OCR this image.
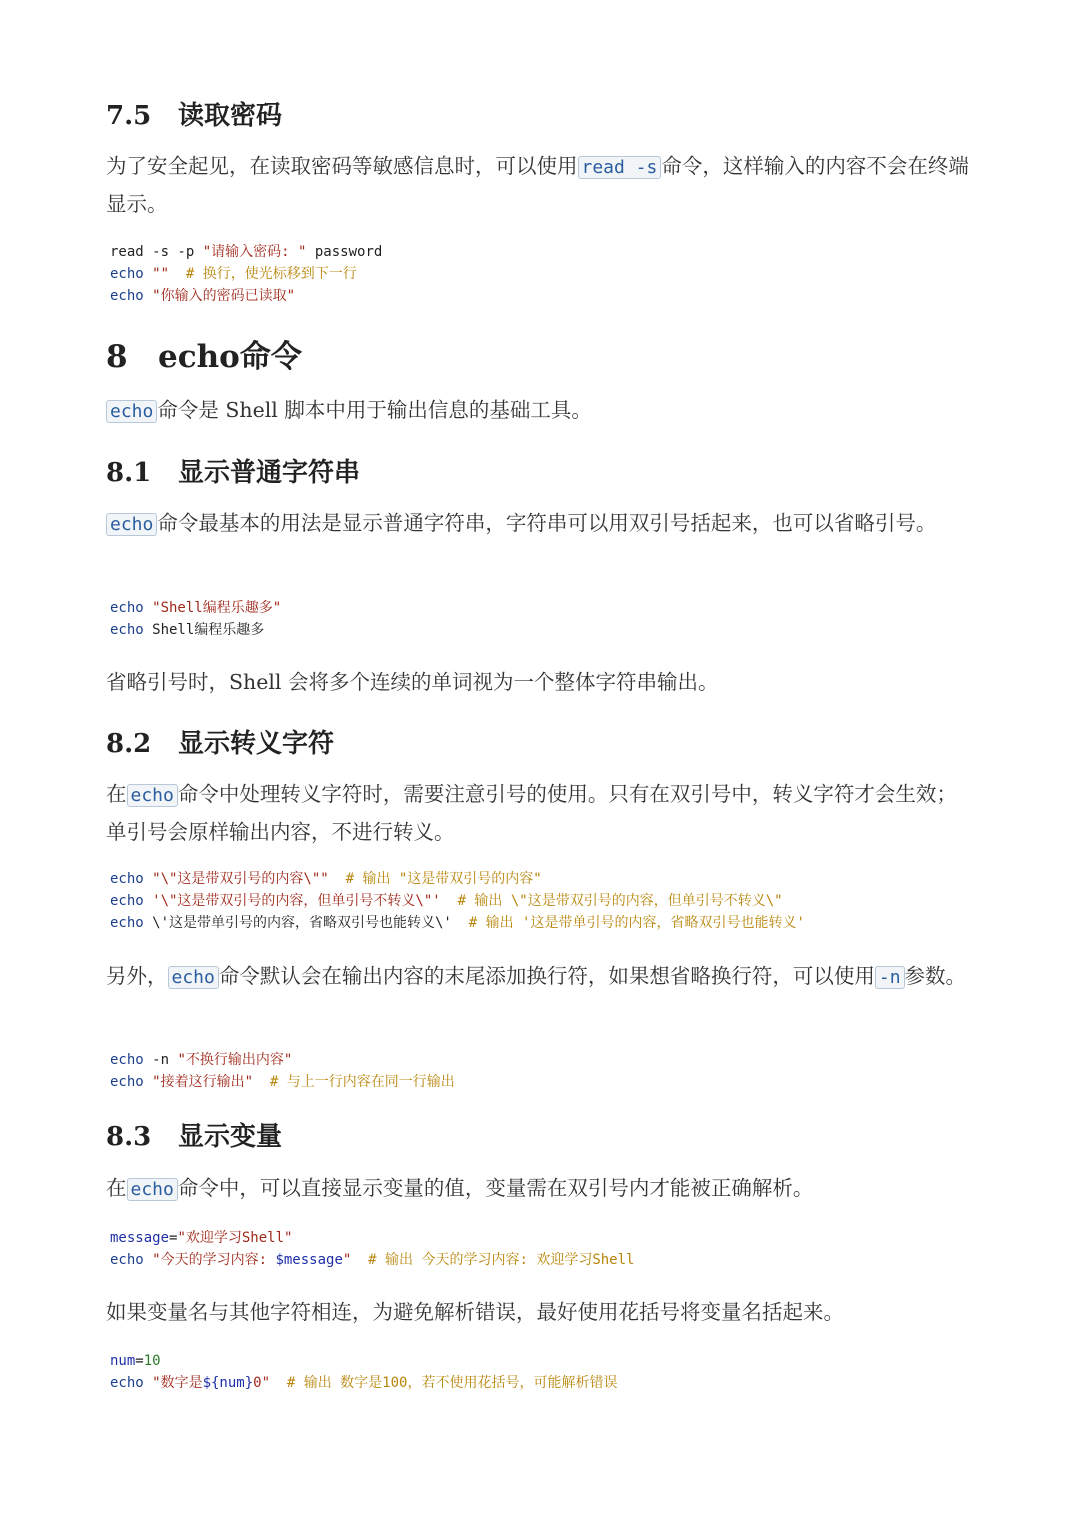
7.5 读取密码

为了安全起见，在读取密码等敏感信息时，可以使用 read -s 命令，这样输入的内容不会在终端显示。

read -s -p "请输入密码: " password
echo ""  # 换行，使光标移到下一行
echo "你输入的密码已读取"
8 echo命令

echo 命令是 Shell 脚本中用于输出信息的基础工具。

8.1 显示普通字符串

echo 命令最基本的用法是显示普通字符串，字符串可以用双引号括起来，也可以省略引号。

echo "Shell编程乐趣多"
echo Shell编程乐趣多

省略引号时，Shell 会将多个连续的单词视为一个整体字符串输出。

8.2 显示转义字符

在 echo 命令中处理转义字符时，需要注意引号的使用。只有在双引号中，转义字符才会生效；单引号会原样输出内容，不进行转义。

echo "\"这是带双引号的内容\""  # 输出 "这是带双引号的内容"
echo '\"这是带双引号的内容，但单引号不转义\"'  # 输出 \"这是带双引号的内容，但单引号不转义\"
echo \'这是带单引号的内容，省略双引号也能转义\'  # 输出 '这是带单引号的内容，省略双引号也能转义'

另外， echo 命令默认会在输出内容的末尾添加换行符，如果想省略换行符，可以使用 -n 参数。

echo -n "不换行输出内容"
echo "接着这行输出"  # 与上一行内容在同一行输出
8.3 显示变量

在 echo 命令中，可以直接显示变量的值，变量需在双引号内才能被正确解析。

message="欢迎学习Shell"
echo "今天的学习内容: $message"  # 输出 今天的学习内容: 欢迎学习Shell

如果变量名与其他字符相连，为避免解析错误，最好使用花括号将变量名括起来。

num=10
echo "数字是${num}0"  # 输出 数字是100，若不使用花括号，可能解析错误
